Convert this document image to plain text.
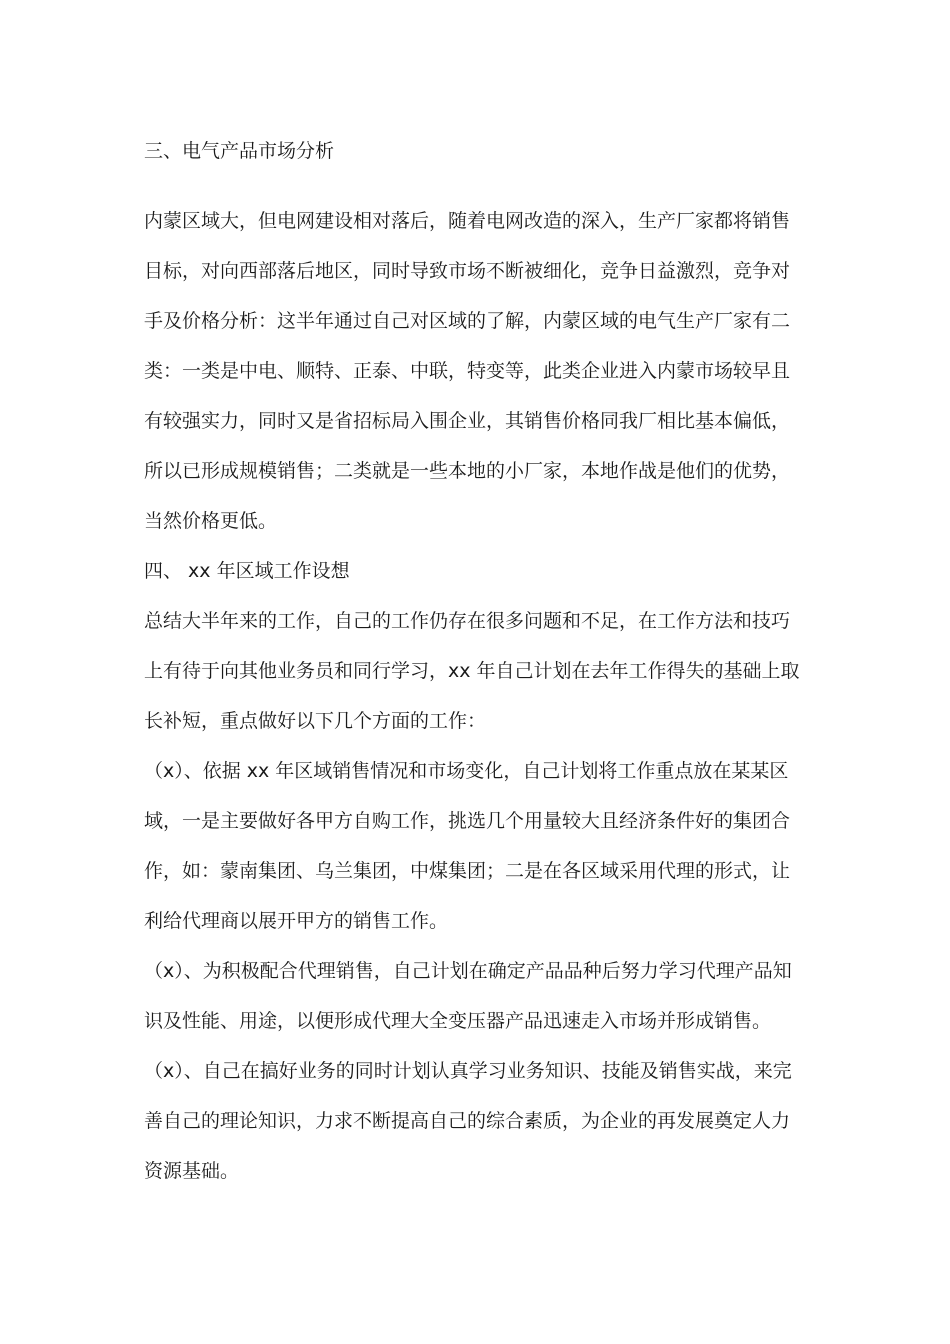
三、电气产品市场分析
内蒙区域大，但电网建设相对落后，随着电网改造的深入，生产厂家都将销售
目标，对向西部落后地区，同时导致市场不断被细化，竞争日益激烈，竞争对
手及价格分析：这半年通过自己对区域的了解，内蒙区域的电气生产厂家有二
类：一类是中电、顺特、正泰、中联，特变等，此类企业进入内蒙市场较早且
有较强实力，同时又是省招标局入围企业，其销售价格同我厂相比基本偏低，
所以已形成规模销售；二类就是一些本地的小厂家，本地作战是他们的优势，
当然价格更低。
四、 xx 年区域工作设想
总结大半年来的工作，自己的工作仍存在很多问题和不足，在工作方法和技巧
上有待于向其他业务员和同行学习，xx 年自己计划在去年工作得失的基础上取
长补短，重点做好以下几个方面的工作：
（x）、依据 xx 年区域销售情况和市场变化，自己计划将工作重点放在某某区
域，一是主要做好各甲方自购工作，挑选几个用量较大且经济条件好的集团合
作，如：蒙南集团、乌兰集团，中煤集团；二是在各区域采用代理的形式，让
利给代理商以展开甲方的销售工作。
（x）、为积极配合代理销售，自己计划在确定产品品种后努力学习代理产品知
识及性能、用途，以便形成代理大全变压器产品迅速走入市场并形成销售。
（x）、自己在搞好业务的同时计划认真学习业务知识、技能及销售实战，来完
善自己的理论知识，力求不断提高自己的综合素质，为企业的再发展奠定人力
资源基础。
